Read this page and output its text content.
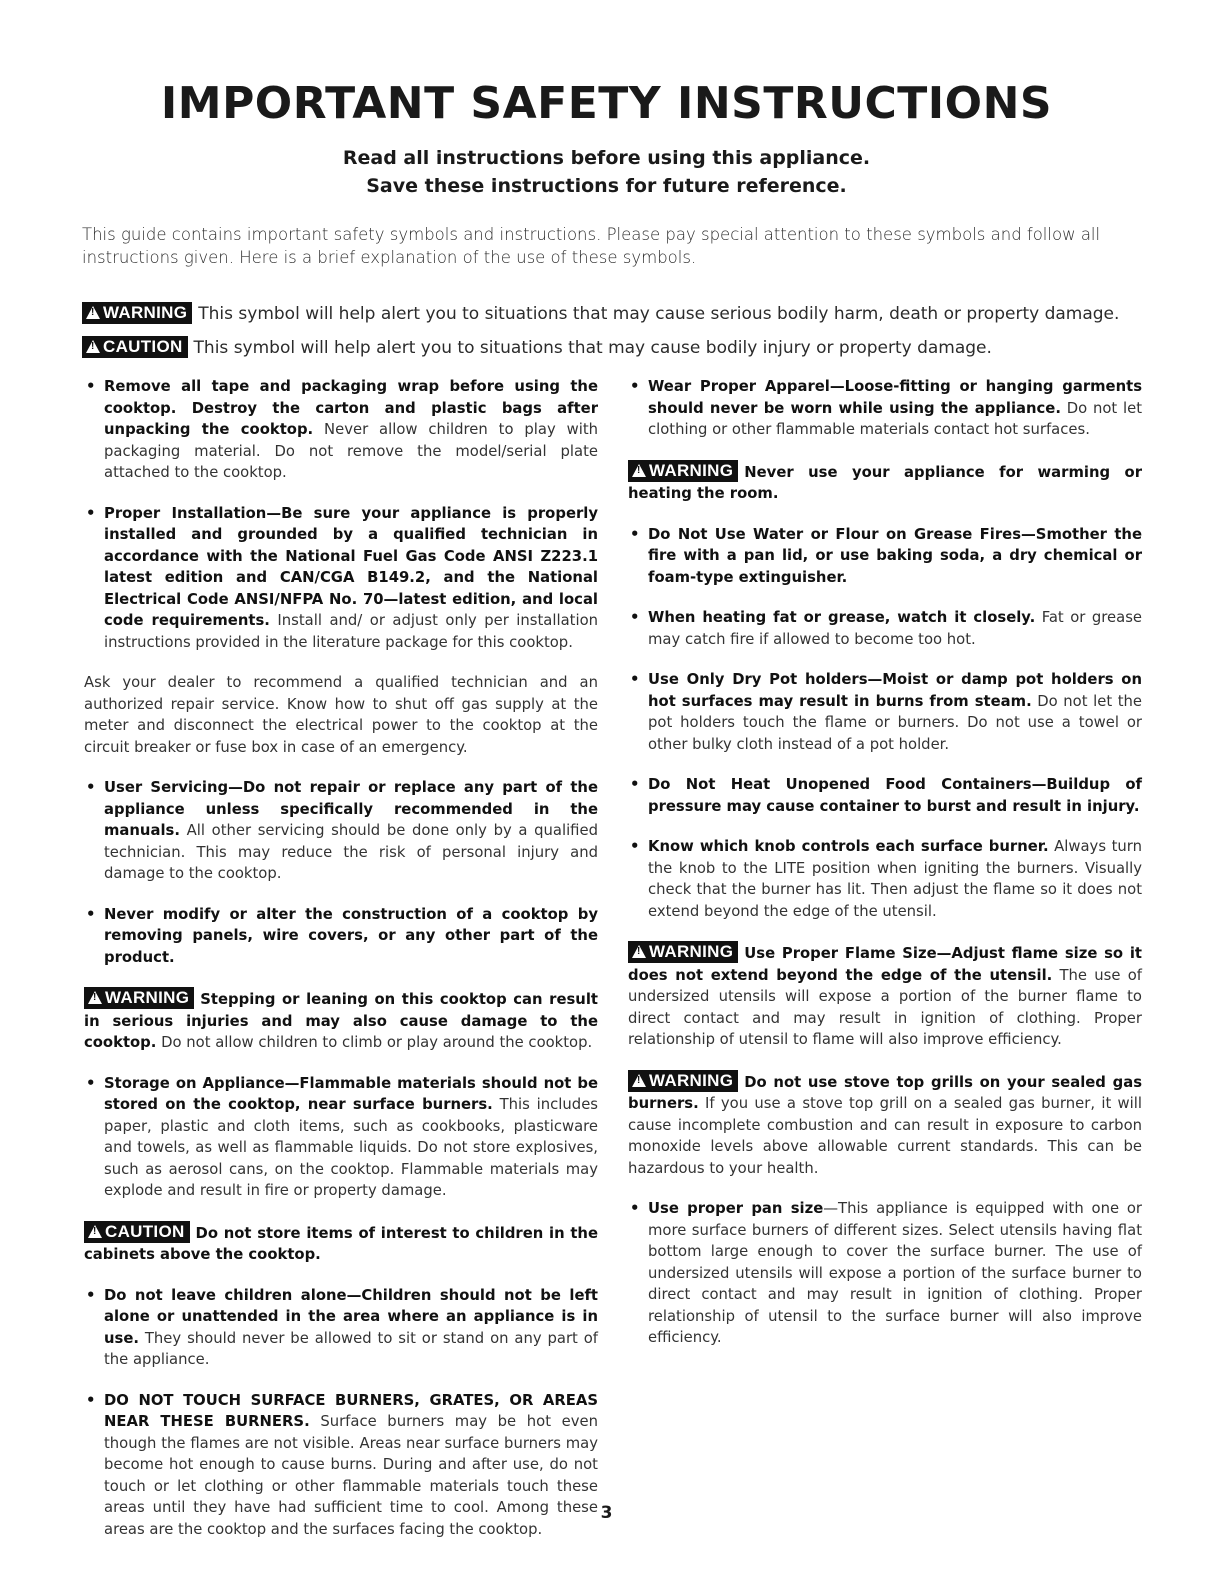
IMPORTANT SAFETY INSTRUCTIONS

Read all instructions before using this appliance.

Save these instructions for future reference.

This guide contains important safety symbols and instructions. Please pay special attention to these symbols and follow all instructions given. Here is a brief explanation of the use of these symbols.

!WARNING This symbol will help alert you to situations that may cause serious bodily harm, death or property damage.

!CAUTION This symbol will help alert you to situations that may cause bodily injury or property damage.

• Remove all tape and packaging wrap before using the cooktop. Destroy the carton and plastic bags after unpacking the cooktop. Never allow children to play with packaging material. Do not remove the model/serial plate attached to the cooktop.

• Proper Installation—Be sure your appliance is properly installed and grounded by a qualified technician in accordance with the National Fuel Gas Code ANSI Z223.1 latest edition and CAN/CGA B149.2, and the National Electrical Code ANSI/NFPA No. 70—latest edition, and local code requirements. Install and/ or adjust only per installation instructions provided in the literature package for this cooktop.

Ask your dealer to recommend a qualified technician and an authorized repair service. Know how to shut off gas supply at the meter and disconnect the electrical power to the cooktop at the circuit breaker or fuse box in case of an emergency.

• User Servicing—Do not repair or replace any part of the appliance unless specifically recommended in the manuals. All other servicing should be done only by a qualified technician. This may reduce the risk of personal injury and damage to the cooktop.

• Never modify or alter the construction of a cooktop by removing panels, wire covers, or any other part of the product.

!WARNING Stepping or leaning on this cooktop can result in serious injuries and may also cause damage to the cooktop. Do not allow children to climb or play around the cooktop.

• Storage on Appliance—Flammable materials should not be stored on the cooktop, near surface burners. This includes paper, plastic and cloth items, such as cookbooks, plasticware and towels, as well as flammable liquids. Do not store explosives, such as aerosol cans, on the cooktop. Flammable materials may explode and result in fire or property damage.

!CAUTION Do not store items of interest to children in the cabinets above the cooktop.

• Do not leave children alone—Children should not be left alone or unattended in the area where an appliance is in use. They should never be allowed to sit or stand on any part of the appliance.

• DO NOT TOUCH SURFACE BURNERS, GRATES, OR AREAS NEAR THESE BURNERS. Surface burners may be hot even though the flames are not visible. Areas near surface burners may become hot enough to cause burns. During and after use, do not touch or let clothing or other flammable materials touch these areas until they have had sufficient time to cool. Among these areas are the cooktop and the surfaces facing the cooktop.

• Wear Proper Apparel—Loose-fitting or hanging garments should never be worn while using the appliance. Do not let clothing or other flammable materials contact hot surfaces.

!WARNING Never use your appliance for warming or heating the room.

• Do Not Use Water or Flour on Grease Fires—Smother the fire with a pan lid, or use baking soda, a dry chemical or foam-type extinguisher.

• When heating fat or grease, watch it closely. Fat or grease may catch fire if allowed to become too hot.

• Use Only Dry Pot holders—Moist or damp pot holders on hot surfaces may result in burns from steam. Do not let the pot holders touch the flame or burners. Do not use a towel or other bulky cloth instead of a pot holder.

• Do Not Heat Unopened Food Containers—Buildup of pressure may cause container to burst and result in injury.

• Know which knob controls each surface burner. Always turn the knob to the LITE position when igniting the burners. Visually check that the burner has lit. Then adjust the flame so it does not extend beyond the edge of the utensil.

!WARNING Use Proper Flame Size—Adjust flame size so it does not extend beyond the edge of the utensil. The use of undersized utensils will expose a portion of the burner flame to direct contact and may result in ignition of clothing. Proper relationship of utensil to flame will also improve efficiency.

!WARNING Do not use stove top grills on your sealed gas burners. If you use a stove top grill on a sealed gas burner, it will cause incomplete combustion and can result in exposure to carbon monoxide levels above allowable current standards. This can be hazardous to your health.

• Use proper pan size—This appliance is equipped with one or more surface burners of different sizes. Select utensils having flat bottom large enough to cover the surface burner. The use of undersized utensils will expose a portion of the surface burner to direct contact and may result in ignition of clothing. Proper relationship of utensil to the surface burner will also improve efficiency.

3
